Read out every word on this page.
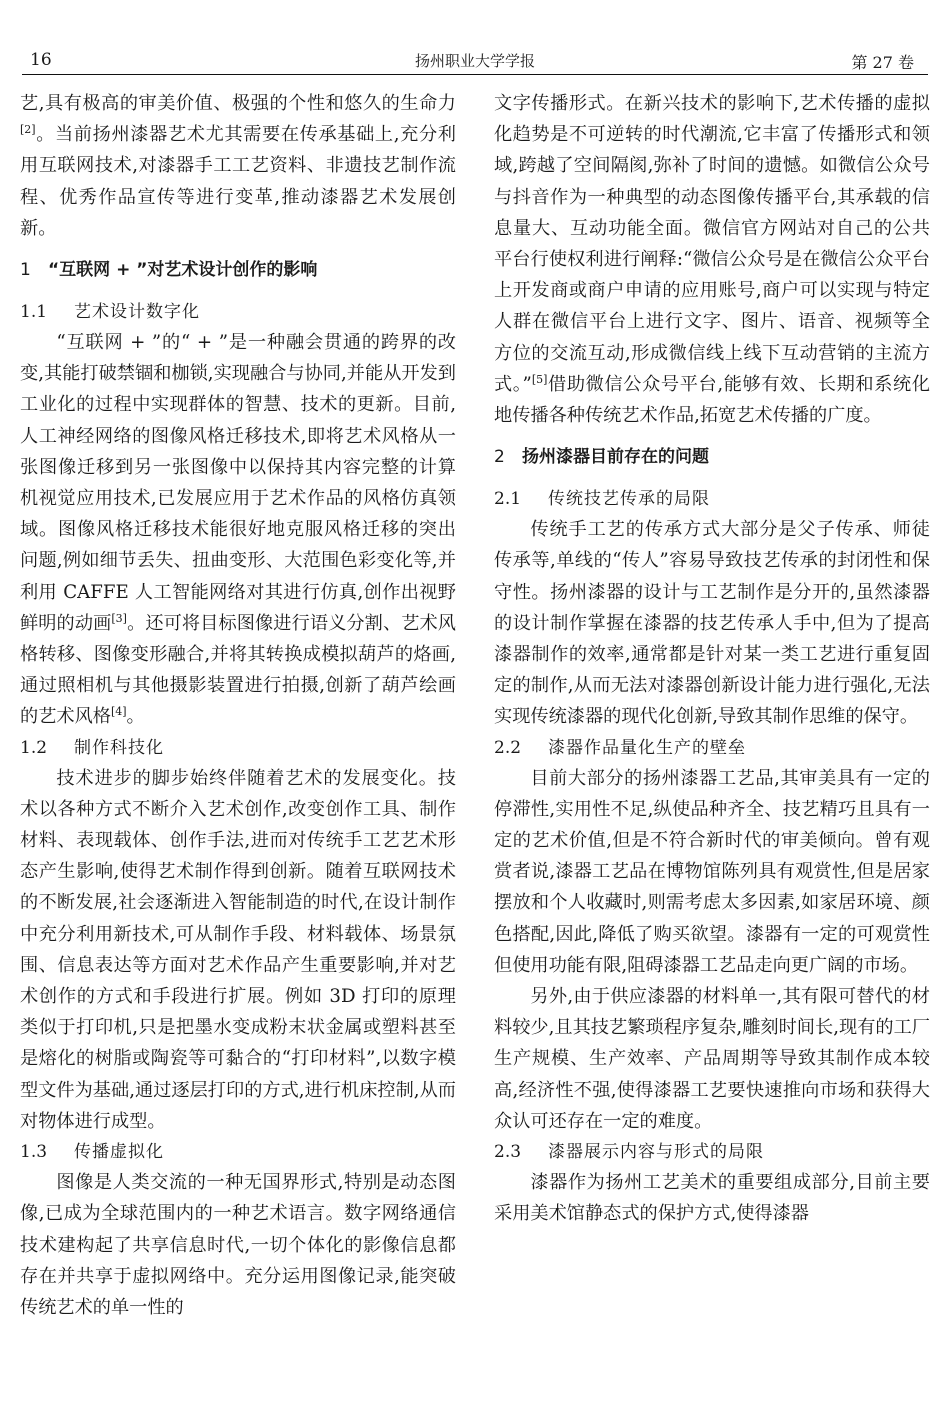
16	扬州职业大学学报	第 27 卷

艺,具有极高的审美价值、极强的个性和悠久的生命力[2]。当前扬州漆器艺术尤其需要在传承基础上,充分利用互联网技术,对漆器手工工艺资料、非遗技艺制作流程、优秀作品宣传等进行变革,推动漆器艺术发展创新。

1 “互联网 + ”对艺术设计创作的影响
1.1 艺术设计数字化

“互联网 + ”的“ + ”是一种融会贯通的跨界的改变,其能打破禁锢和枷锁,实现融合与协同,并能从开发到工业化的过程中实现群体的智慧、技术的更新。目前,人工神经网络的图像风格迁移技术,即将艺术风格从一张图像迁移到另一张图像中以保持其内容完整的计算机视觉应用技术,已发展应用于艺术作品的风格仿真领域。图像风格迁移技术能很好地克服风格迁移的突出问题,例如细节丢失、扭曲变形、大范围色彩变化等,并利用 CAFFE 人工智能网络对其进行仿真,创作出视野鲜明的动画[3]。还可将目标图像进行语义分割、艺术风格转移、图像变形融合,并将其转换成模拟葫芦的烙画,通过照相机与其他摄影装置进行拍摄,创新了葫芦绘画的艺术风格[4]。

1.2 制作科技化

技术进步的脚步始终伴随着艺术的发展变化。技术以各种方式不断介入艺术创作,改变创作工具、制作材料、表现载体、创作手法,进而对传统手工艺艺术形态产生影响,使得艺术制作得到创新。随着互联网技术的不断发展,社会逐渐进入智能制造的时代,在设计制作中充分利用新技术,可从制作手段、材料载体、场景氛围、信息表达等方面对艺术作品产生重要影响,并对艺术创作的方式和手段进行扩展。例如 3D 打印的原理类似于打印机,只是把墨水变成粉末状金属或塑料甚至是熔化的树脂或陶瓷等可黏合的“打印材料”,以数字模型文件为基础,通过逐层打印的方式,进行机床控制,从而对物体进行成型。

1.3 传播虚拟化

图像是人类交流的一种无国界形式,特别是动态图像,已成为全球范围内的一种艺术语言。数字网络通信技术建构起了共享信息时代,一切个体化的影像信息都存在并共享于虚拟网络中。充分运用图像记录,能突破传统艺术的单一性的

文字传播形式。在新兴技术的影响下,艺术传播的虚拟化趋势是不可逆转的时代潮流,它丰富了传播形式和领域,跨越了空间隔阂,弥补了时间的遗憾。如微信公众号与抖音作为一种典型的动态图像传播平台,其承载的信息量大、互动功能全面。微信官方网站对自己的公共平台行使权利进行阐释:“微信公众号是在微信公众平台上开发商或商户申请的应用账号,商户可以实现与特定人群在微信平台上进行文字、图片、语音、视频等全方位的交流互动,形成微信线上线下互动营销的主流方式。”[5]借助微信公众号平台,能够有效、长期和系统化地传播各种传统艺术作品,拓宽艺术传播的广度。

2 扬州漆器目前存在的问题
2.1 传统技艺传承的局限

传统手工艺的传承方式大部分是父子传承、师徒传承等,单线的“传人”容易导致技艺传承的封闭性和保守性。扬州漆器的设计与工艺制作是分开的,虽然漆器的设计制作掌握在漆器的技艺传承人手中,但为了提高漆器制作的效率,通常都是针对某一类工艺进行重复固定的制作,从而无法对漆器创新设计能力进行强化,无法实现传统漆器的现代化创新,导致其制作思维的保守。

2.2 漆器作品量化生产的壁垒

目前大部分的扬州漆器工艺品,其审美具有一定的停滞性,实用性不足,纵使品种齐全、技艺精巧且具有一定的艺术价值,但是不符合新时代的审美倾向。曾有观赏者说,漆器工艺品在博物馆陈列具有观赏性,但是居家摆放和个人收藏时,则需考虑太多因素,如家居环境、颜色搭配,因此,降低了购买欲望。漆器有一定的可观赏性但使用功能有限,阻碍漆器工艺品走向更广阔的市场。

另外,由于供应漆器的材料单一,其有限可替代的材料较少,且其技艺繁琐程序复杂,雕刻时间长,现有的工厂生产规模、生产效率、产品周期等导致其制作成本较高,经济性不强,使得漆器工艺要快速推向市场和获得大众认可还存在一定的难度。

2.3 漆器展示内容与形式的局限

漆器作为扬州工艺美术的重要组成部分,目前主要采用美术馆静态式的保护方式,使得漆器
